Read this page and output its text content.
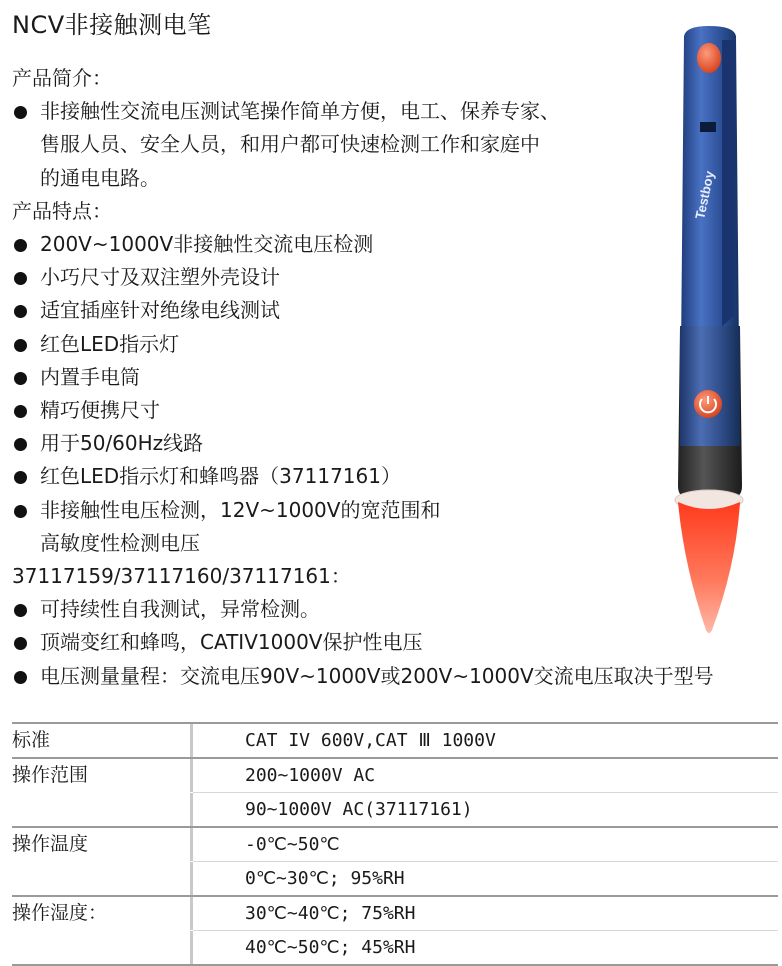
NCV非接触测电笔
产品简介：
非接触性交流电压测试笔操作简单方便，电工、保养专家、
售服人员、安全人员，和用户都可快速检测工作和家庭中
的通电电路。
产品特点：
200V~1000V非接触性交流电压检测
小巧尺寸及双注塑外壳设计
适宜插座针对绝缘电线测试
红色LED指示灯
内置手电筒
精巧便携尺寸
用于50/60Hz线路
红色LED指示灯和蜂鸣器（37117161）
非接触性电压检测，12V~1000V的宽范围和
高敏度性检测电压
37117159/37117160/37117161：
可持续性自我测试，异常检测。
顶端变红和蜂鸣，CATIV1000V保护性电压
电压测量量程：交流电压90V~1000V或200V~1000V交流电压取决于型号
Testboy
标准	CAT IV 600V,CAT Ⅲ 1000V
操作范围	200~1000V AC
90~1000V AC(37117161)
操作温度	-0℃~50℃
0℃~30℃; 95%RH
操作湿度：	30℃~40℃; 75%RH
40℃~50℃; 45%RH
